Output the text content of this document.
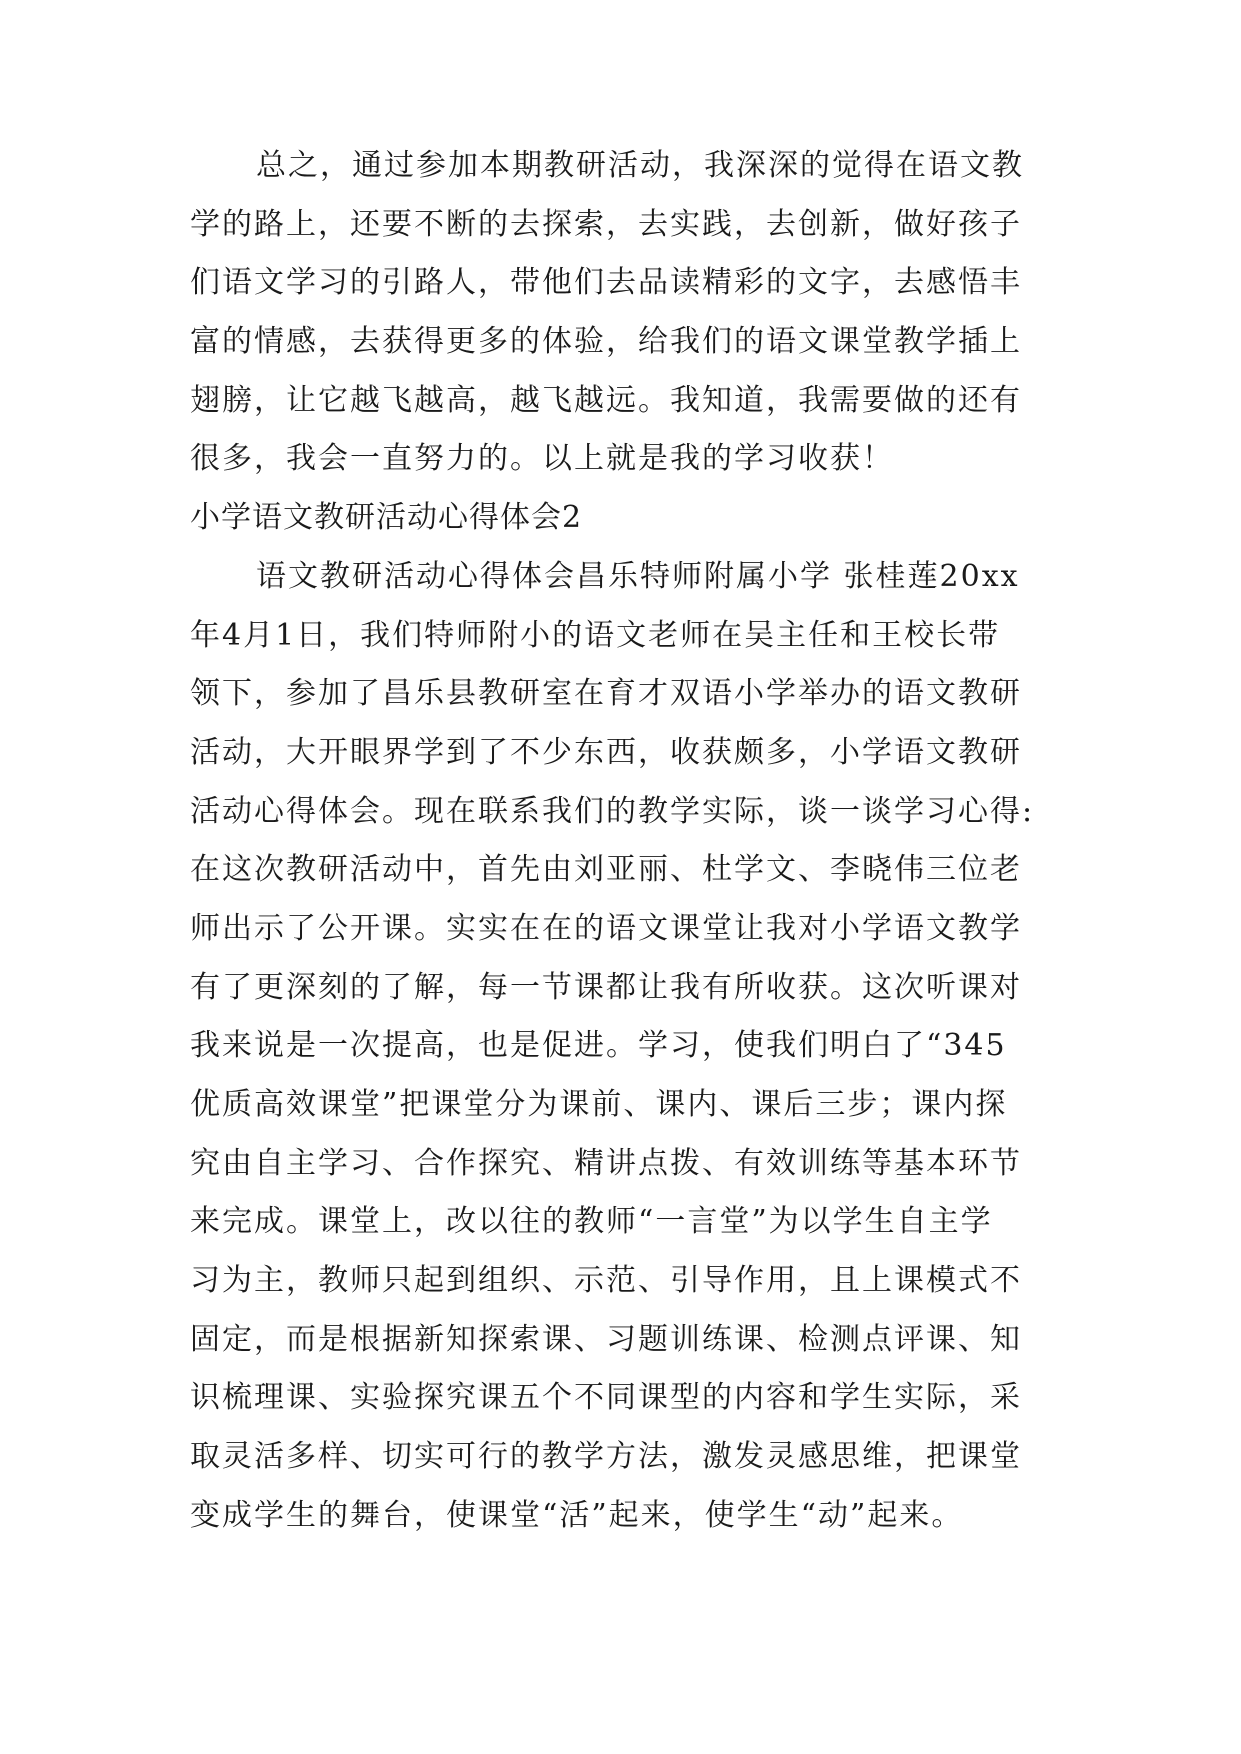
总之，通过参加本期教研活动，我深深的觉得在语文教
学的路上，还要不断的去探索，去实践，去创新，做好孩子
们语文学习的引路人，带他们去品读精彩的文字，去感悟丰
富的情感，去获得更多的体验，给我们的语文课堂教学插上
翅膀，让它越飞越高，越飞越远。我知道，我需要做的还有
很多，我会一直努力的。以上就是我的学习收获！
小学语文教研活动心得体会2
语文教研活动心得体会昌乐特师附属小学 张桂莲20xx
年4月1日，我们特师附小的语文老师在吴主任和王校长带
领下，参加了昌乐县教研室在育才双语小学举办的语文教研
活动，大开眼界学到了不少东西，收获颇多，小学语文教研
活动心得体会。现在联系我们的教学实际，谈一谈学习心得:
在这次教研活动中，首先由刘亚丽、杜学文、李晓伟三位老
师出示了公开课。实实在在的语文课堂让我对小学语文教学
有了更深刻的了解，每一节课都让我有所收获。这次听课对
我来说是一次提高，也是促进。学习，使我们明白了“345
优质高效课堂”把课堂分为课前、课内、课后三步；课内探
究由自主学习、合作探究、精讲点拨、有效训练等基本环节
来完成。课堂上，改以往的教师“一言堂”为以学生自主学
习为主，教师只起到组织、示范、引导作用，且上课模式不
固定，而是根据新知探索课、习题训练课、检测点评课、知
识梳理课、实验探究课五个不同课型的内容和学生实际，采
取灵活多样、切实可行的教学方法，激发灵感思维，把课堂
变成学生的舞台，使课堂“活”起来，使学生“动”起来。
